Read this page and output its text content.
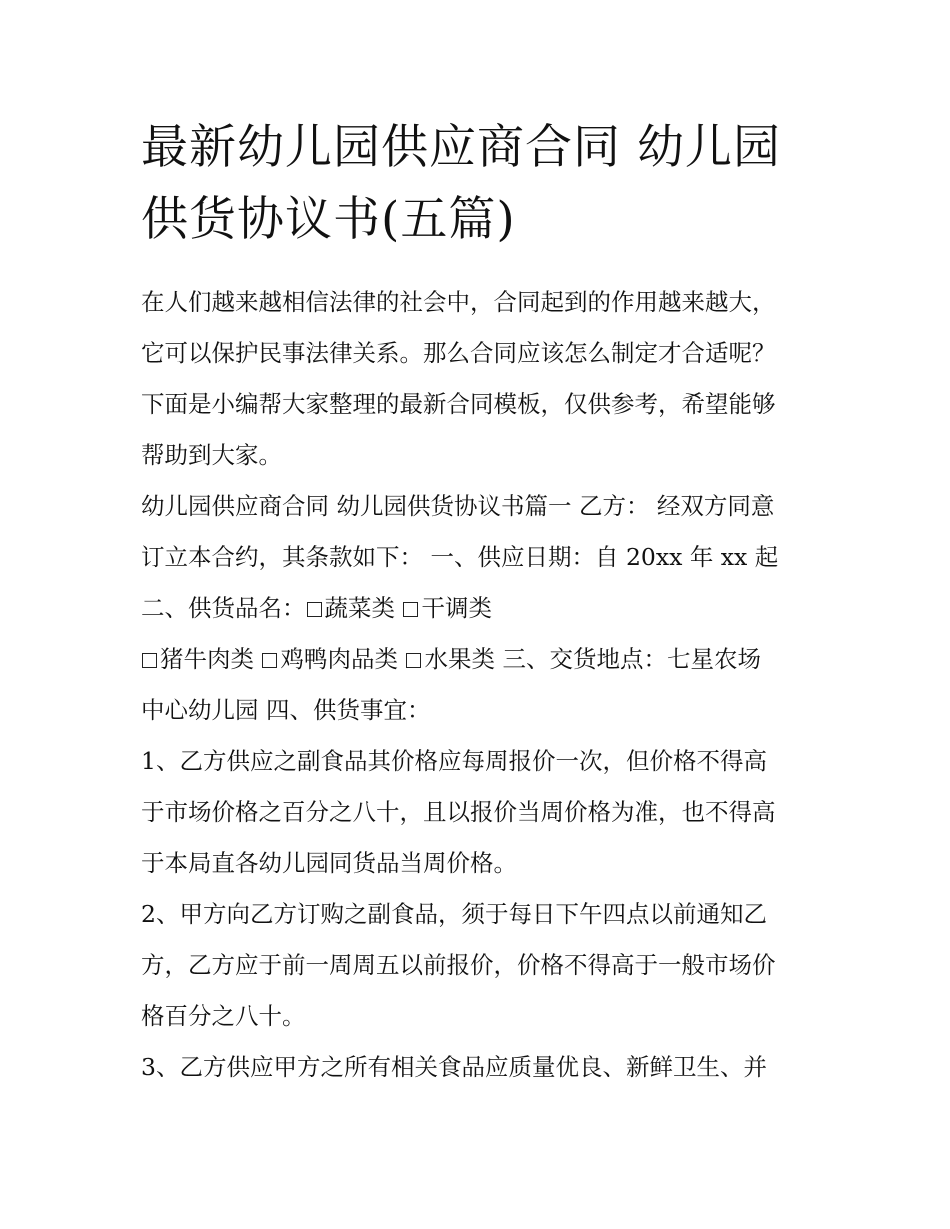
最新幼儿园供应商合同 幼儿园
供货协议书(五篇)
在人们越来越相信法律的社会中，合同起到的作用越来越大，
它可以保护民事法律关系。那么合同应该怎么制定才合适呢？
下面是小编帮大家整理的最新合同模板，仅供参考，希望能够
帮助到大家。
幼儿园供应商合同 幼儿园供货协议书篇一 乙方： 经双方同意
订立本合约，其条款如下： 一、供应日期：自 20xx 年 xx 起
二、供货品名： 蔬菜类 干调类
猪牛肉类 鸡鸭肉品类 水果类 三、交货地点：七星农场
中心幼儿园 四、供货事宜：
1、乙方供应之副食品其价格应每周报价一次，但价格不得高
于市场价格之百分之八十，且以报价当周价格为准，也不得高
于本局直各幼儿园同货品当周价格。
2、甲方向乙方订购之副食品，须于每日下午四点以前通知乙
方，乙方应于前一周周五以前报价，价格不得高于一般市场价
格百分之八十。
3、乙方供应甲方之所有相关食品应质量优良、新鲜卫生、并
